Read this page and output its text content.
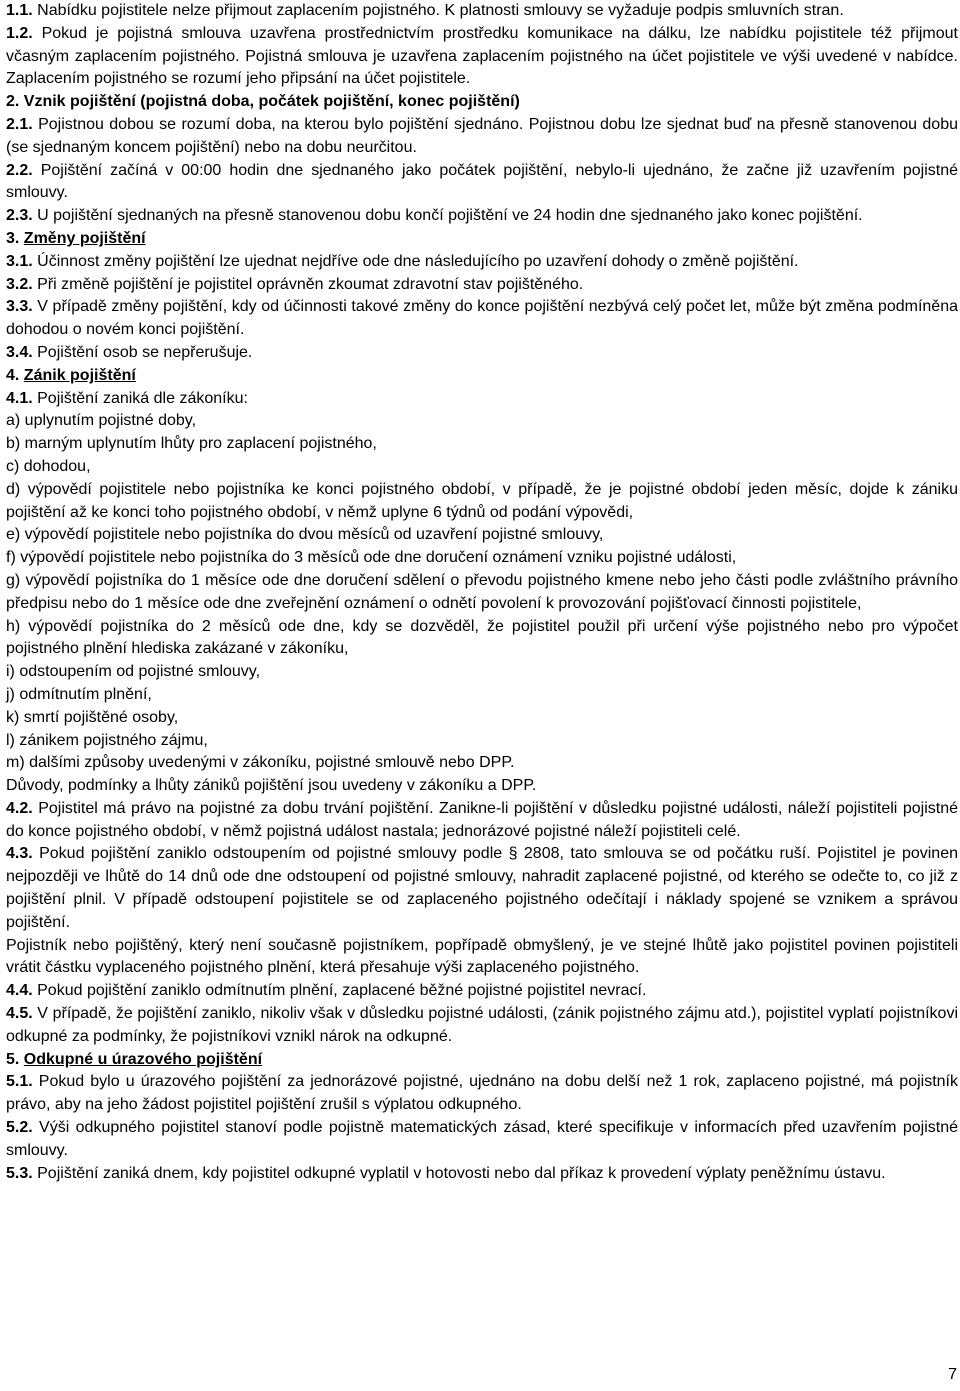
1.1. Nabídku pojistitele nelze přijmout zaplacením pojistného. K platnosti smlouvy se vyžaduje podpis smluvních stran.

1.2. Pokud je pojistná smlouva uzavřena prostřednictvím prostředku komunikace na dálku, lze nabídku pojistitele též přijmout včasným zaplacením pojistného. Pojistná smlouva je uzavřena zaplacením pojistného na účet pojistitele ve výši uvedené v nabídce. Zaplacením pojistného se rozumí jeho připsání na účet pojistitele.

2. Vznik pojištění (pojistná doba, počátek pojištění, konec pojištění)

2.1. Pojistnou dobou se rozumí doba, na kterou bylo pojištění sjednáno. Pojistnou dobu lze sjednat buď na přesně stanovenou dobu (se sjednaným koncem pojištění) nebo na dobu neurčitou.

2.2. Pojištění začíná v 00:00 hodin dne sjednaného jako počátek pojištění, nebylo-li ujednáno, že začne již uzavřením pojistné smlouvy.

2.3. U pojištění sjednaných na přesně stanovenou dobu končí pojištění ve 24 hodin dne sjednaného jako konec pojištění.

3. Změny pojištění

3.1. Účinnost změny pojištění lze ujednat nejdříve ode dne následujícího po uzavření dohody o změně pojištění.

3.2. Při změně pojištění je pojistitel oprávněn zkoumat zdravotní stav pojištěného.

3.3. V případě změny pojištění, kdy od účinnosti takové změny do konce pojištění nezbývá celý počet let, může být změna podmíněna dohodou o novém konci pojištění.

3.4. Pojištění osob se nepřerušuje.

4. Zánik pojištění

4.1. Pojištění zaniká dle zákoníku:

a) uplynutím pojistné doby,

b) marným uplynutím lhůty pro zaplacení pojistného,

c) dohodou,

d) výpovědí pojistitele nebo pojistníka ke konci pojistného období, v případě, že je pojistné období jeden měsíc, dojde k zániku pojištění až ke konci toho pojistného období, v němž uplyne 6 týdnů od podání výpovědi,

e) výpovědí pojistitele nebo pojistníka do dvou měsíců od uzavření pojistné smlouvy,

f) výpovědí pojistitele nebo pojistníka do 3 měsíců ode dne doručení oznámení vzniku pojistné události,

g) výpovědí pojistníka do 1 měsíce ode dne doručení sdělení o převodu pojistného kmene nebo jeho části podle zvláštního právního předpisu nebo do 1 měsíce ode dne zveřejnění oznámení o odnětí povolení k provozování pojišťovací činnosti pojistitele,

h) výpovědí pojistníka do 2 měsíců ode dne, kdy se dozvěděl, že pojistitel použil při určení výše pojistného nebo pro výpočet pojistného plnění hlediska zakázané v zákoníku,

i) odstoupením od pojistné smlouvy,

j) odmítnutím plnění,

k) smrtí pojištěné osoby,

l) zánikem pojistného zájmu,

m) dalšími způsoby uvedenými v zákoníku, pojistné smlouvě nebo DPP.

Důvody, podmínky a lhůty zániků pojištění jsou uvedeny v zákoníku a DPP.

4.2. Pojistitel má právo na pojistné za dobu trvání pojištění. Zanikne-li pojištění v důsledku pojistné události, náleží pojistiteli pojistné do konce pojistného období, v němž pojistná událost nastala; jednorázové pojistné náleží pojistiteli celé.

4.3. Pokud pojištění zaniklo odstoupením od pojistné smlouvy podle § 2808, tato smlouva se od počátku ruší. Pojistitel je povinen nejpozději ve lhůtě do 14 dnů ode dne odstoupení od pojistné smlouvy, nahradit zaplacené pojistné, od kterého se odečte to, co již z pojištění plnil. V případě odstoupení pojistitele se od zaplaceného pojistného odečítají i náklady spojené se vznikem a správou pojištění.

Pojistník nebo pojištěný, který není současně pojistníkem, popřípadě obmyšlený, je ve stejné lhůtě jako pojistitel povinen pojistiteli vrátit částku vyplaceného pojistného plnění, která přesahuje výši zaplaceného pojistného.

4.4. Pokud pojištění zaniklo odmítnutím plnění, zaplacené běžné pojistné pojistitel nevrací.

4.5. V případě, že pojištění zaniklo, nikoliv však v důsledku pojistné události, (zánik pojistného zájmu atd.), pojistitel vyplatí pojistníkovi odkupné za podmínky, že pojistníkovi vznikl nárok na odkupné.

5. Odkupné u úrazového pojištění

5.1. Pokud bylo u úrazového pojištění za jednorázové pojistné, ujednáno na dobu delší než 1 rok, zaplaceno pojistné, má pojistník právo, aby na jeho žádost pojistitel pojištění zrušil s výplatou odkupného.

5.2. Výši odkupného pojistitel stanoví podle pojistně matematických zásad, které specifikuje v informacích před uzavřením pojistné smlouvy.

5.3. Pojištění zaniká dnem, kdy pojistitel odkupné vyplatil v hotovosti nebo dal příkaz k provedení výplaty peněžnímu ústavu.

7
